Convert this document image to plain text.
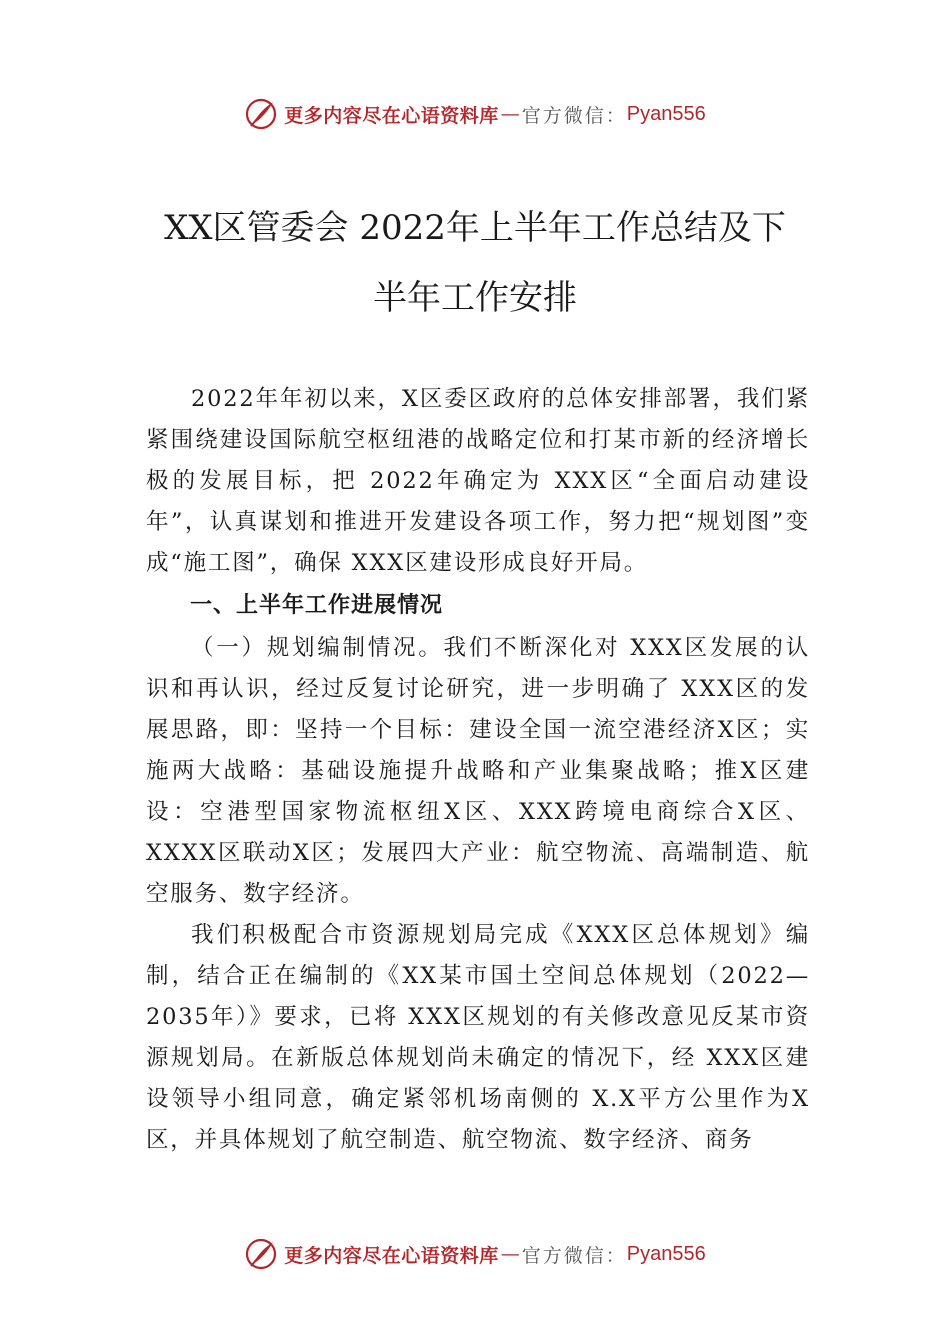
更多内容尽在心语资料库 — 官方微信： Pyan556
XX区管委会 2022年上半年工作总结及下
半年工作安排

2022年年初以来，X区委区政府的总体安排部署，我们紧紧围绕建设国际航空枢纽港的战略定位和打某市新的经济增长极的发展目标，把 2022年确定为 XXX区“全面启动建设年”，认真谋划和推进开发建设各项工作，努力把“规划图”变成“施工图”，确保 XXX区建设形成良好开局。

一、上半年工作进展情况

（一）规划编制情况。我们不断深化对 XXX区发展的认识和再认识，经过反复讨论研究，进一步明确了 XXX区的发展思路，即：坚持一个目标：建设全国一流空港经济X区；实施两大战略：基础设施提升战略和产业集聚战略；推X区建设：空港型国家物流枢纽X区、XXX跨境电商综合X区、XXXX区联动X区；发展四大产业：航空物流、高端制造、航空服务、数字经济。

我们积极配合市资源规划局完成《XXX区总体规划》编制，结合正在编制的《XX某市国土空间总体规划（2022—2035年）》要求，已将 XXX区规划的有关修改意见反某市资源规划局。在新版总体规划尚未确定的情况下，经 XXX区建设领导小组同意，确定紧邻机场南侧的 X.X平方公里作为X区，并具体规划了航空制造、航空物流、数字经济、商务

更多内容尽在心语资料库 — 官方微信： Pyan556
